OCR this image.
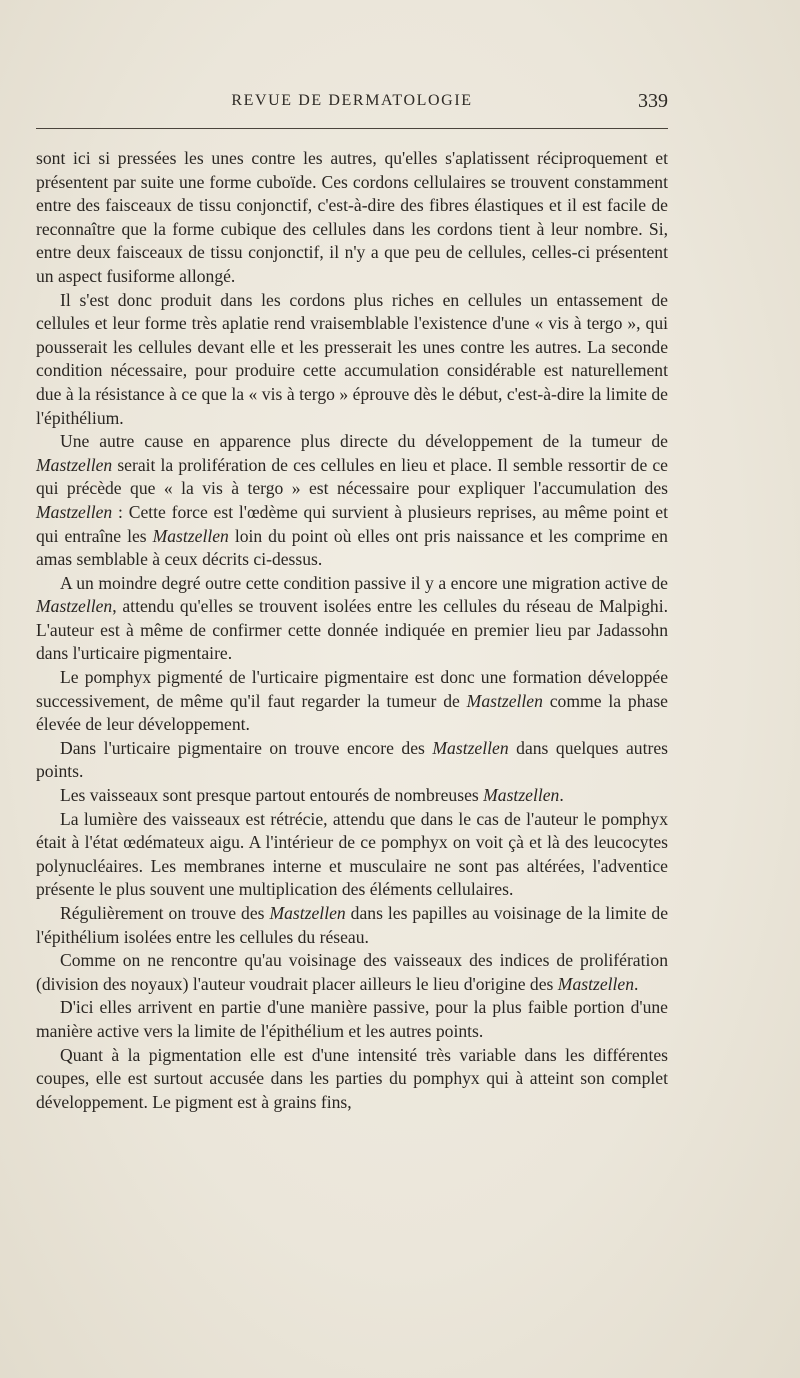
REVUE DE DERMATOLOGIE	339

sont ici si pressées les unes contre les autres, qu'elles s'aplatissent réciproquement et présentent par suite une forme cuboïde. Ces cordons cellulaires se trouvent constamment entre des faisceaux de tissu conjonctif, c'est-à-dire des fibres élastiques et il est facile de reconnaître que la forme cubique des cellules dans les cordons tient à leur nombre. Si, entre deux faisceaux de tissu conjonctif, il n'y a que peu de cellules, celles-ci présentent un aspect fusiforme allongé.

Il s'est donc produit dans les cordons plus riches en cellules un entassement de cellules et leur forme très aplatie rend vraisemblable l'existence d'une « vis à tergo », qui pousserait les cellules devant elle et les presserait les unes contre les autres. La seconde condition nécessaire, pour produire cette accumulation considérable est naturellement due à la résistance à ce que la « vis à tergo » éprouve dès le début, c'est-à-dire la limite de l'épithélium.

Une autre cause en apparence plus directe du développement de la tumeur de Mastzellen serait la prolifération de ces cellules en lieu et place. Il semble ressortir de ce qui précède que « la vis à tergo » est nécessaire pour expliquer l'accumulation des Mastzellen : Cette force est l'œdème qui survient à plusieurs reprises, au même point et qui entraîne les Mastzellen loin du point où elles ont pris naissance et les comprime en amas semblable à ceux décrits ci-dessus.

A un moindre degré outre cette condition passive il y a encore une migration active de Mastzellen, attendu qu'elles se trouvent isolées entre les cellules du réseau de Malpighi. L'auteur est à même de confirmer cette donnée indiquée en premier lieu par Jadassohn dans l'urticaire pigmentaire.

Le pomphyx pigmenté de l'urticaire pigmentaire est donc une formation développée successivement, de même qu'il faut regarder la tumeur de Mastzellen comme la phase élevée de leur développement.

Dans l'urticaire pigmentaire on trouve encore des Mastzellen dans quelques autres points.

Les vaisseaux sont presque partout entourés de nombreuses Mastzellen.

La lumière des vaisseaux est rétrécie, attendu que dans le cas de l'auteur le pomphyx était à l'état œdémateux aigu. A l'intérieur de ce pomphyx on voit çà et là des leucocytes polynucléaires. Les membranes interne et musculaire ne sont pas altérées, l'adventice présente le plus souvent une multiplication des éléments cellulaires.

Régulièrement on trouve des Mastzellen dans les papilles au voisinage de la limite de l'épithélium isolées entre les cellules du réseau.

Comme on ne rencontre qu'au voisinage des vaisseaux des indices de prolifération (division des noyaux) l'auteur voudrait placer ailleurs le lieu d'origine des Mastzellen.

D'ici elles arrivent en partie d'une manière passive, pour la plus faible portion d'une manière active vers la limite de l'épithélium et les autres points.

Quant à la pigmentation elle est d'une intensité très variable dans les différentes coupes, elle est surtout accusée dans les parties du pomphyx qui à atteint son complet développement. Le pigment est à grains fins,
